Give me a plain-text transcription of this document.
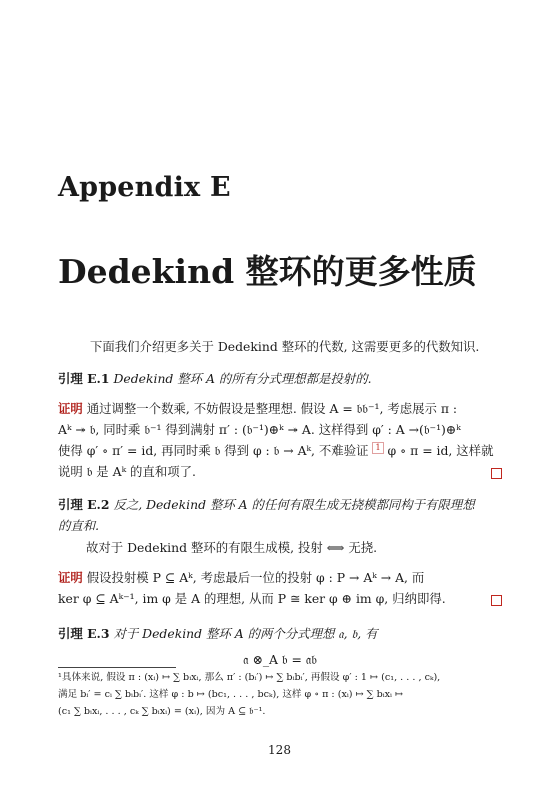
Appendix E
Dedekind 整环的更多性质
下面我们介绍更多关于 Dedekind 整环的代数, 这需要更多的代数知识.
引理 E.1 Dedekind 整环 A 的所有分式理想都是投射的.
证明 通过调整一个数乘, 不妨假设是整理想. 假设 A = 𝔟𝔟⁻¹, 考虑展示 π :
Aᵏ ↠ 𝔟, 同时乘 𝔟⁻¹ 得到满射 π′ : (𝔟⁻¹)⊕ᵏ ↠ A. 这样得到 φ′ : A →(𝔟⁻¹)⊕ᵏ
使得 φ′ ∘ π′ = id, 再同时乘 𝔟 得到 φ : 𝔟 → Aᵏ, 不难验证 1 φ ∘ π = id, 这样就
说明 𝔟 是 Aᵏ 的直和项了.
引理 E.2 反之, Dedekind 整环 A 的任何有限生成无挠模都同构于有限理想
的直和.
故对于 Dedekind 整环的有限生成模, 投射 ⟺ 无挠.
证明 假设投射模 P ⊆ Aᵏ, 考虑最后一位的投射 φ : P → Aᵏ → A, 而
ker φ ⊆ Aᵏ⁻¹, im φ 是 A 的理想, 从而 P ≅ ker φ ⊕ im φ, 归纳即得.
引理 E.3 对于 Dedekind 整环 A 的两个分式理想 𝔞, 𝔟, 有
𝔞 ⊗_A 𝔟 = 𝔞𝔟
¹具体来说, 假设 π : (xᵢ) ↦ ∑ bᵢxᵢ, 那么 π′ : (bᵢ′) ↦ ∑ bᵢbᵢ′, 再假设 φ′ : 1 ↦ (c₁, . . . , cₖ),
满足 bᵢ′ = cᵢ ∑ bᵢbᵢ′. 这样 φ : b ↦ (bc₁, . . . , bcₖ), 这样 φ ∘ π : (xᵢ) ↦ ∑ bᵢxᵢ ↦
(c₁ ∑ bᵢxᵢ, . . . , cₖ ∑ bᵢxᵢ) = (xᵢ), 因为 A ⊆ 𝔟⁻¹.
128
